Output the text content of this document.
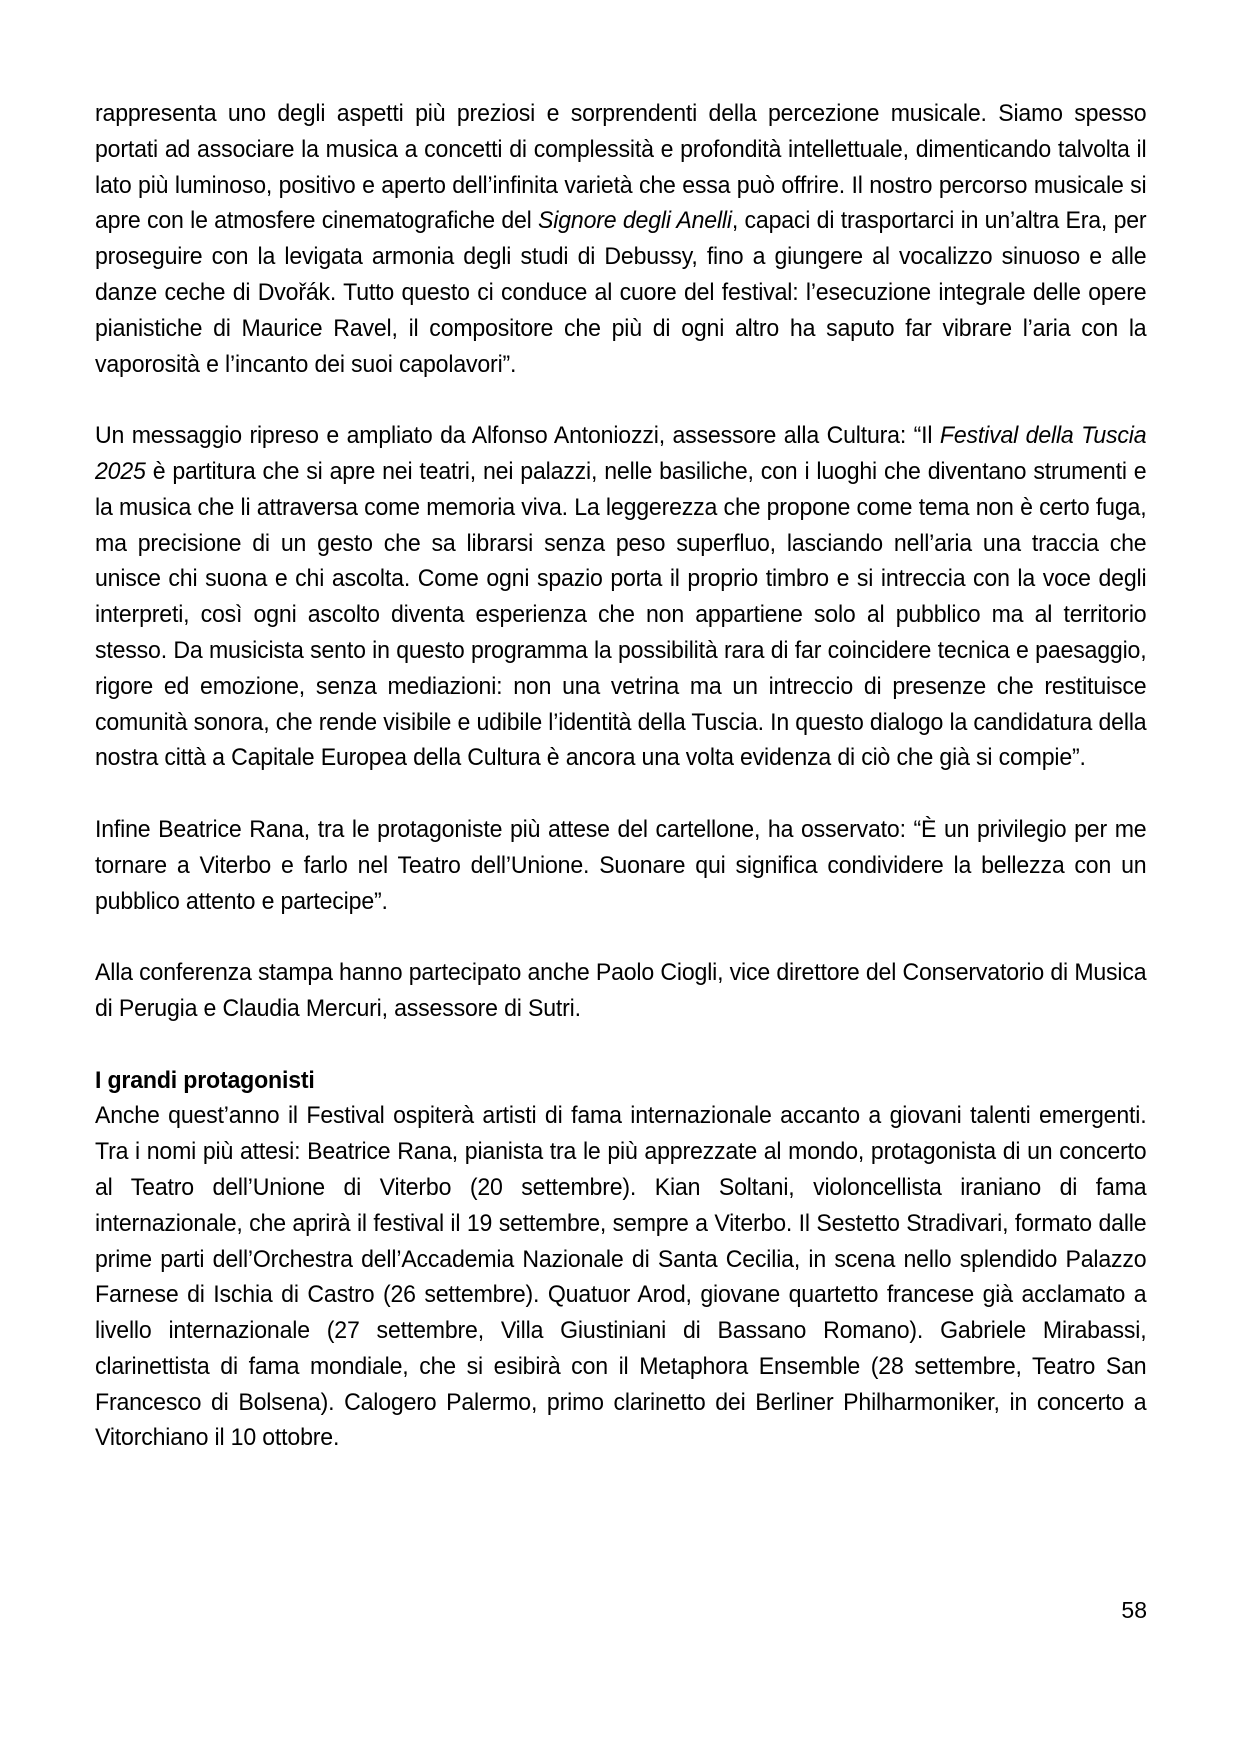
rappresenta uno degli aspetti più preziosi e sorprendenti della percezione musicale. Siamo spesso portati ad associare la musica a concetti di complessità e profondità intellettuale, dimenticando talvolta il lato più luminoso, positivo e aperto dell’infinita varietà che essa può offrire. Il nostro percorso musicale si apre con le atmosfere cinematografiche del Signore degli Anelli, capaci di trasportarci in un’altra Era, per proseguire con la levigata armonia degli studi di Debussy, fino a giungere al vocalizzo sinuoso e alle danze ceche di Dvořák. Tutto questo ci conduce al cuore del festival: l’esecuzione integrale delle opere pianistiche di Maurice Ravel, il compositore che più di ogni altro ha saputo far vibrare l’aria con la vaporosità e l’incanto dei suoi capolavori”.

Un messaggio ripreso e ampliato da Alfonso Antoniozzi, assessore alla Cultura: “Il Festival della Tuscia 2025 è partitura che si apre nei teatri, nei palazzi, nelle basiliche, con i luoghi che diventano strumenti e la musica che li attraversa come memoria viva. La leggerezza che propone come tema non è certo fuga, ma precisione di un gesto che sa librarsi senza peso superfluo, lasciando nell’aria una traccia che unisce chi suona e chi ascolta. Come ogni spazio porta il proprio timbro e si intreccia con la voce degli interpreti, così ogni ascolto diventa esperienza che non appartiene solo al pubblico ma al territorio stesso. Da musicista sento in questo programma la possibilità rara di far coincidere tecnica e paesaggio, rigore ed emozione, senza mediazioni: non una vetrina ma un intreccio di presenze che restituisce comunità sonora, che rende visibile e udibile l’identità della Tuscia. In questo dialogo la candidatura della nostra città a Capitale Europea della Cultura è ancora una volta evidenza di ciò che già si compie”.

Infine Beatrice Rana, tra le protagoniste più attese del cartellone, ha osservato: “È un privilegio per me tornare a Viterbo e farlo nel Teatro dell’Unione. Suonare qui significa condividere la bellezza con un pubblico attento e partecipe”.

Alla conferenza stampa hanno partecipato anche Paolo Ciogli, vice direttore del Conservatorio di Musica di Perugia e Claudia Mercuri, assessore di Sutri.

I grandi protagonisti

Anche quest’anno il Festival ospiterà artisti di fama internazionale accanto a giovani talenti emergenti. Tra i nomi più attesi: Beatrice Rana, pianista tra le più apprezzate al mondo, protagonista di un concerto al Teatro dell’Unione di Viterbo (20 settembre). Kian Soltani, violoncellista iraniano di fama internazionale, che aprirà il festival il 19 settembre, sempre a Viterbo. Il Sestetto Stradivari, formato dalle prime parti dell’Orchestra dell’Accademia Nazionale di Santa Cecilia, in scena nello splendido Palazzo Farnese di Ischia di Castro (26 settembre). Quatuor Arod, giovane quartetto francese già acclamato a livello internazionale (27 settembre, Villa Giustiniani di Bassano Romano). Gabriele Mirabassi, clarinettista di fama mondiale, che si esibirà con il Metaphora Ensemble (28 settembre, Teatro San Francesco di Bolsena). Calogero Palermo, primo clarinetto dei Berliner Philharmoniker, in concerto a Vitorchiano il 10 ottobre.

58
